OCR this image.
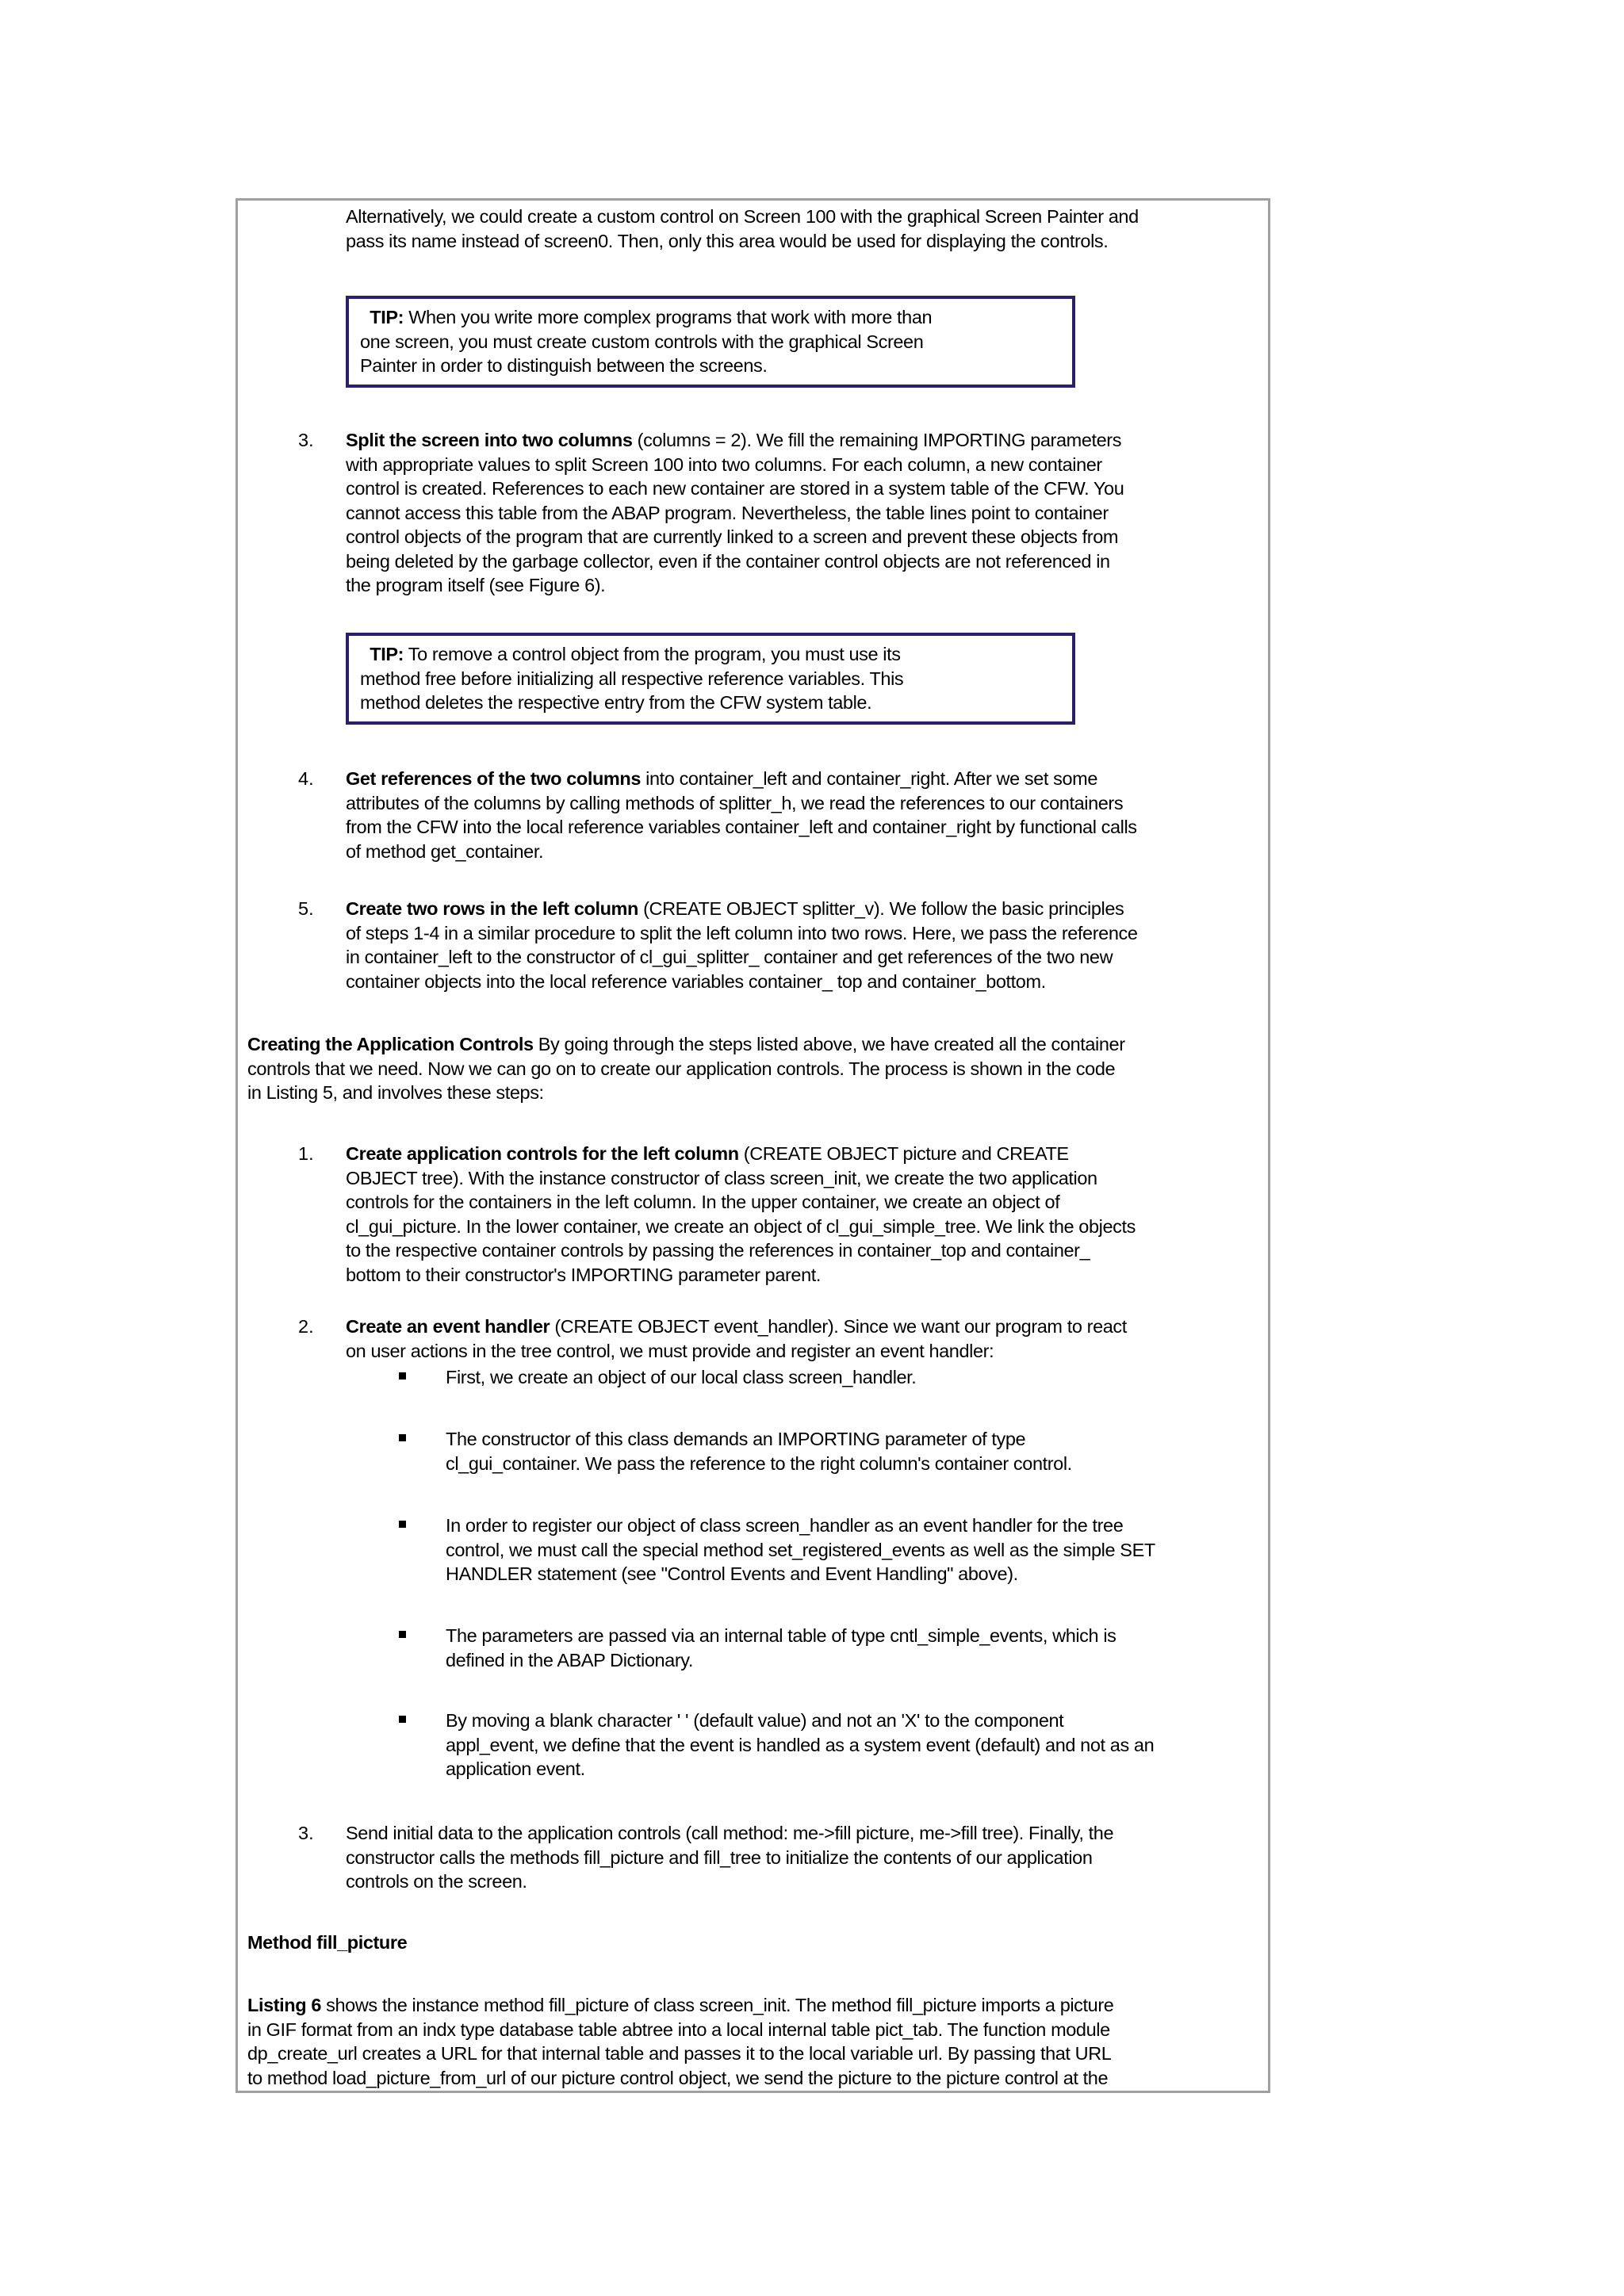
Alternatively, we could create a custom control on Screen 100 with the graphical Screen Painter and
pass its name instead of screen0. Then, only this area would be used for displaying the controls.
TIP: When you write more complex programs that work with more than
one screen, you must create custom controls with the graphical Screen
Painter in order to distinguish between the screens.
3. Split the screen into two columns (columns = 2). We fill the remaining IMPORTING parameters
with appropriate values to split Screen 100 into two columns. For each column, a new container
control is created. References to each new container are stored in a system table of the CFW. You
cannot access this table from the ABAP program. Nevertheless, the table lines point to container
control objects of the program that are currently linked to a screen and prevent these objects from
being deleted by the garbage collector, even if the container control objects are not referenced in
the program itself (see Figure 6).
TIP: To remove a control object from the program, you must use its
method free before initializing all respective reference variables. This
method deletes the respective entry from the CFW system table.
4. Get references of the two columns into container_left and container_right. After we set some
attributes of the columns by calling methods of splitter_h, we read the references to our containers
from the CFW into the local reference variables container_left and container_right by functional calls
of method get_container.
5. Create two rows in the left column (CREATE OBJECT splitter_v). We follow the basic principles
of steps 1-4 in a similar procedure to split the left column into two rows. Here, we pass the reference
in container_left to the constructor of cl_gui_splitter_ container and get references of the two new
container objects into the local reference variables container_ top and container_bottom.
Creating the Application Controls By going through the steps listed above, we have created all the container
controls that we need. Now we can go on to create our application controls. The process is shown in the code
in Listing 5, and involves these steps:
1. Create application controls for the left column (CREATE OBJECT picture and CREATE
OBJECT tree). With the instance constructor of class screen_init, we create the two application
controls for the containers in the left column. In the upper container, we create an object of
cl_gui_picture. In the lower container, we create an object of cl_gui_simple_tree. We link the objects
to the respective container controls by passing the references in container_top and container_
bottom to their constructor's IMPORTING parameter parent.
2. Create an event handler (CREATE OBJECT event_handler). Since we want our program to react
on user actions in the tree control, we must provide and register an event handler:
First, we create an object of our local class screen_handler.
The constructor of this class demands an IMPORTING parameter of type
cl_gui_container. We pass the reference to the right column's container control.
In order to register our object of class screen_handler as an event handler for the tree
control, we must call the special method set_registered_events as well as the simple SET
HANDLER statement (see "Control Events and Event Handling" above).
The parameters are passed via an internal table of type cntl_simple_events, which is
defined in the ABAP Dictionary.
By moving a blank character ' ' (default value) and not an 'X' to the component
appl_event, we define that the event is handled as a system event (default) and not as an
application event.
3. Send initial data to the application controls (call method: me->fill picture, me->fill tree). Finally, the
constructor calls the methods fill_picture and fill_tree to initialize the contents of our application
controls on the screen.
Method fill_picture
Listing 6 shows the instance method fill_picture of class screen_init. The method fill_picture imports a picture
in GIF format from an indx type database table abtree into a local internal table pict_tab. The function module
dp_create_url creates a URL for that internal table and passes it to the local variable url. By passing that URL
to method load_picture_from_url of our picture control object, we send the picture to the picture control at the
